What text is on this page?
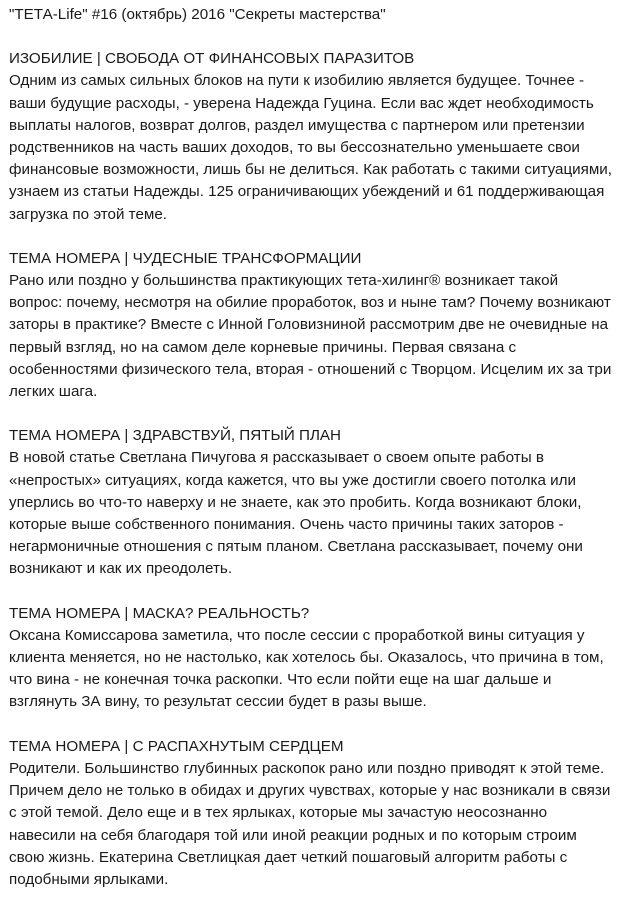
"ТЕТА-Life" #16 (октябрь) 2016 "Секреты мастерства"

ИЗОБИЛИЕ | СВОБОДА ОТ ФИНАНСОВЫХ ПАРАЗИТОВ

Одним из самых сильных блоков на пути к изобилию является будущее. Точнее - ваши будущие расходы, - уверена Надежда Гуцина. Если вас ждет необходимость выплаты налогов, возврат долгов, раздел имущества с партнером или претензии родственников на часть ваших доходов, то вы бессознательно уменьшаете свои финансовые возможности, лишь бы не делиться. Как работать с такими ситуациями, узнаем из статьи Надежды. 125 ограничивающих убеждений и 61 поддерживающая загрузка по этой теме.

ТЕМА НОМЕРА | ЧУДЕСНЫЕ ТРАНСФОРМАЦИИ

Рано или поздно у большинства практикующих тета-хилинг® возникает такой вопрос: почему, несмотря на обилие проработок, воз и ныне там? Почему возникают заторы в практике? Вместе с Инной Головизниной рассмотрим две не очевидные на первый взгляд, но на самом деле корневые причины. Первая связана с особенностями физического тела, вторая - отношений с Творцом. Исцелим их за три легких шага.

ТЕМА НОМЕРА | ЗДРАВСТВУЙ, ПЯТЫЙ ПЛАН

В новой статье Светлана Пичугова я рассказывает о своем опыте работы в «непростых» ситуациях, когда кажется, что вы уже достигли своего потолка или уперлись во что-то наверху и не знаете, как это пробить. Когда возникают блоки, которые выше собственного понимания. Очень часто причины таких заторов - негармоничные отношения с пятым планом. Светлана рассказывает, почему они возникают и как их преодолеть.

ТЕМА НОМЕРА | МАСКА? РЕАЛЬНОСТЬ?

Оксана Комиссарова заметила, что после сессии с проработкой вины ситуация у клиента меняется, но не настолько, как хотелось бы. Оказалось, что причина в том, что вина - не конечная точка раскопки. Что если пойти еще на шаг дальше и взглянуть ЗА вину, то результат сессии будет в разы выше.

ТЕМА НОМЕРА | С РАСПАХНУТЫМ СЕРДЦЕМ

Родители. Большинство глубинных раскопок рано или поздно приводят к этой теме. Причем дело не только в обидах и других чувствах, которые у нас возникали в связи с этой темой. Дело еще и в тех ярлыках, которые мы зачастую неосознанно навесили на себя благодаря той или иной реакции родных и по которым строим свою жизнь. Екатерина Светлицкая дает четкий пошаговый алгоритм работы с подобными ярлыками.
